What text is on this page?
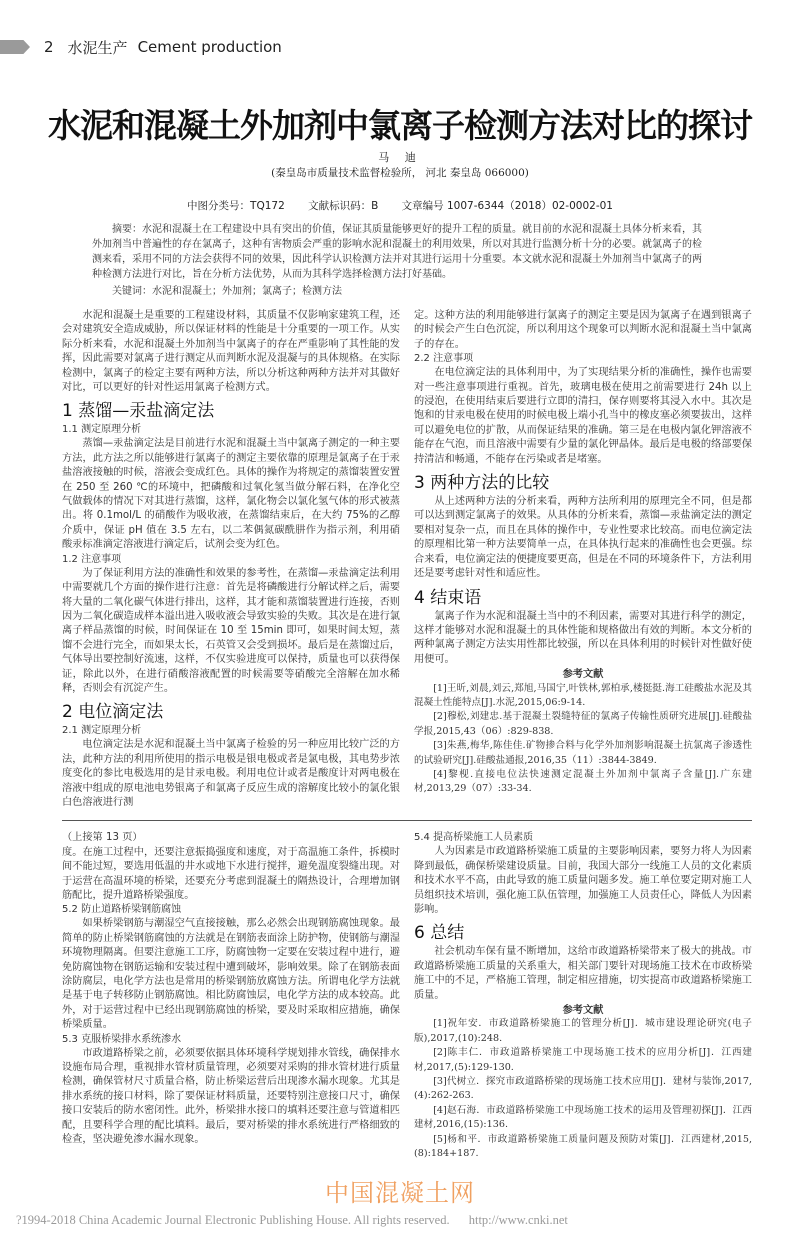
2 水泥生产 Cement production
水泥和混凝土外加剂中氯离子检测方法对比的探讨
马 迪
(秦皇岛市质量技术监督检验所， 河北 秦皇岛 066000)
中图分类号：TQ172 文献标识码：B 文章编号 1007-6344（2018）02-0002-01
摘要：水泥和混凝土在工程建设中具有突出的价值，保证其质量能够更好的提升工程的质量。就目前的水泥和混凝土具体分析来看，其外加剂当中普遍性的存在氯离子，这种有害物质会严重的影响水泥和混凝土的利用效果，所以对其进行监测分析十分的必要。就氯离子的检测来看，采用不同的方法会获得不同的效果，因此科学认识检测方法并对其进行运用十分重要。本文就水泥和混凝土外加剂当中氯离子的两种检测方法进行对比，旨在分析方法优势，从而为其科学选择检测方法打好基础。
关键词：水泥和混凝土；外加剂；氯离子；检测方法

水泥和混凝土是重要的工程建设材料，其质量不仅影响家建筑工程，还会对建筑安全造成威胁，所以保证材料的性能是十分重要的一项工作。从实际分析来看，水泥和混凝土外加剂当中氯离子的存在严重影响了其性能的发挥，因此需要对氯离子进行测定从而判断水泥及混凝与的具体规格。在实际检测中，氯离子的检定主要有两种方法，所以分析这种两种方法并对其做好对比，可以更好的针对性运用氯离子检测方式。

1 蒸馏—汞盐滴定法
1.1 测定原理分析

蒸馏—汞盐滴定法是目前进行水泥和混凝土当中氯离子测定的一种主要方法，此方法之所以能够进行氯离子的测定主要依靠的原理是氯离子在于汞盐溶液接触的时候，溶液会变成红色。具体的操作为将规定的蒸馏装置安置在 250 至 260 ℃的环境中，把磷酸和过氧化氢当做分解石料，在净化空气做载体的情况下对其进行蒸馏，这样，氯化物会以氯化氢气体的形式被蒸出。将 0.1mol/L 的硝酸作为吸收液，在蒸馏结束后，在大约 75%的乙醇介质中，保证 pH 值在 3.5 左右，以二苯偶氮碳酰肼作为指示剂，利用硝酸汞标准滴定溶液进行滴定后，试剂会变为红色。

1.2 注意事项

为了保证利用方法的准确性和效果的参考性，在蒸馏—汞盐滴定法利用中需要就几个方面的操作进行注意：首先是将磷酸进行分解试样之后，需要将大量的二氧化碳气体进行排出，这样，其才能和蒸馏装置进行连接，否则因为二氧化碳造成样本溢出进入吸收液会导致实验的失败。其次是在进行氯离子样品蒸馏的时候，时间保证在 10 至 15min 即可，如果时间太短，蒸馏不会进行完全，而如果太长，石英管又会受到损坏。最后是在蒸馏过后，气体导出要控制好流速，这样，不仅实验进度可以保持，质量也可以获得保证，除此以外，在进行硝酸溶液配置的时候需要等硝酸完全溶解在加水稀释，否则会有沉淀产生。

2 电位滴定法
2.1 测定原理分析

电位滴定法是水泥和混凝土当中氯离子检验的另一种应用比较广泛的方法，此种方法的利用所使用的指示电极是银电极或者是氯电极，其电势步浓度变化的参比电极选用的是甘汞电极。利用电位计或者是酸度计对两电极在溶液中组成的原电池电势银离子和氯离子反应生成的溶解度比较小的氯化银白色溶液进行测

定。这种方法的利用能够进行氯离子的测定主要是因为氯离子在遇到银离子的时候会产生白色沉淀，所以利用这个现象可以判断水泥和混凝土当中氯离子的存在。

2.2 注意事项

在电位滴定法的具体利用中，为了实现结果分析的准确性，操作也需要对一些注意事项进行重视。首先，玻璃电极在使用之前需要进行 24h 以上的浸泡，在使用结束后要进行立即的清扫，保存则要将其浸入水中。其次是饱和的甘汞电极在使用的时候电极上端小孔当中的橡皮塞必须要拔出，这样可以避免电位的扩散，从而保证结果的准确。第三是在电极内氯化钾溶液不能存在气泡，而且溶液中需要有少量的氯化钾晶体。最后是电极的络部要保持清洁和畅通，不能存在污染或者是堵塞。

3 两种方法的比较

从上述两种方法的分析来看，两种方法所利用的原理完全不同，但是都可以达到测定氯离子的效果。从具体的分析来看，蒸馏—汞盐滴定法的测定要相对复杂一点，而且在具体的操作中，专业性要求比较高。而电位滴定法的原理相比第一种方法要简单一点，在具体执行起来的准确性也会更强。综合来看，电位滴定法的便捷度要更高，但是在不同的环境条件下，方法利用还是要考虑针对性和适应性。

4 结束语

氯离子作为水泥和混凝土当中的不利因素，需要对其进行科学的测定，这样才能够对水泥和混凝土的具体性能和规格做出有效的判断。本文分析的两种氯离子测定方法实用性都比较强，所以在具体利用的时候针对性做好使用便可。

参考文献

[1]王昕,刘晨,刘云,郑旭,马国宁,叶铁林,郭柏承,楼挺挺.海工硅酸盐水泥及其混凝土性能特点[J].水泥,2015,06:9-14.

[2]穆松,刘建忠.基于混凝土裂缝特征的氯离子传输性质研究进展[J].硅酸盐学报,2015,43（06）:829-838.

[3]朱燕,梅华,陈佳佳.矿物掺合料与化学外加剂影响混凝土抗氯离子渗透性的试验研究[J].硅酸盐通报,2016,35（11）:3844-3849.

[4]黎枧.直接电位法快速测定混凝土外加剂中氯离子含量[J].广东建材,2013,29（07）:33-34.

（上接第 13 页）

度。在施工过程中，还要注意振捣强度和速度，对于高温施工条件，拆模时间不能过短，要选用低温的井水或地下水进行搅拌，避免温度裂缝出现。对于运营在高温环境的桥梁，还要充分考虑到混凝土的隔热设计，合理增加钢筋配比，提升道路桥梁强度。

5.2 防止道路桥梁钢筋腐蚀

如果桥梁钢筋与潮湿空气直接接触，那么必然会出现钢筋腐蚀现象。最简单的防止桥梁钢筋腐蚀的方法就是在钢筋表面涂上防护物，使钢筋与潮湿环境物理隔离。但要注意施工工序，防腐蚀物一定要在安装过程中进行，避免防腐蚀物在钢筋运输和安装过程中遭到破坏，影响效果。除了在钢筋表面涂防腐层，电化学方法也是常用的桥梁钢筋放腐蚀方法。所谓电化学方法就是基于电子转移防止钢筋腐蚀。相比防腐蚀层，电化学方法的成本较高。此外，对于运营过程中已经出现钢筋腐蚀的桥梁，要及时采取相应措施，确保桥梁质量。

5.3 克服桥梁排水系统渗水

市政道路桥梁之前，必须要依据具体环境科学规划排水管线，确保排水设施布局合理，重视排水管材质量管理，必须要对采购的排水管材进行质量检测，确保管材尺寸质量合格，防止桥梁运营后出现渗水漏水现象。尤其是排水系统的接口材料，除了要保证材料质量，还要特别注意接口尺寸，确保接口安装后的防水密闭性。此外，桥梁排水接口的填料还要注意与管道相匹配，且要科学合理的配比填料。最后，要对桥梁的排水系统进行严格细致的检查，坚决避免渗水漏水现象。

5.4 提高桥梁施工人员素质

人为因素是市政道路桥梁施工质量的主要影响因素，要努力将人为因素降到最低，确保桥梁建设质量。目前，我国大部分一线施工人员的文化素质和技术水平不高，由此导致的施工质量问题多发。施工单位要定期对施工人员组织技术培训，强化施工队伍管理，加强施工人员责任心，降低人为因素影响。

6 总结

社会机动车保有量不断增加，这给市政道路桥梁带来了极大的挑战。市政道路桥梁施工质量的关系重大，相关部门要针对现场施工技术在市政桥梁施工中的不足，严格施工管理，制定相应措施，切实提高市政道路桥梁施工质量。

参考文献

[1]祝年安．市政道路桥梁施工的管理分析[J]．城市建设理论研究(电子版),2017,(10):248.

[2]陈丰仁．市政道路桥梁施工中现场施工技术的应用分析[J]．江西建材,2017,(5):129-130.

[3]代树立．探究市政道路桥梁的现场施工技术应用[J]．建材与装饰,2017,(4):262-263.

[4]赵石海．市政道路桥梁施工中现场施工技术的运用及管理初探[J]．江西建材,2016,(15):136.

[5]杨和平．市政道路桥梁施工质量问题及预防对策[J]．江西建材,2015,(8):184+187.

中国混凝土网
?1994-2018 China Academic Journal Electronic Publishing House. All rights reserved. http://www.cnki.net
